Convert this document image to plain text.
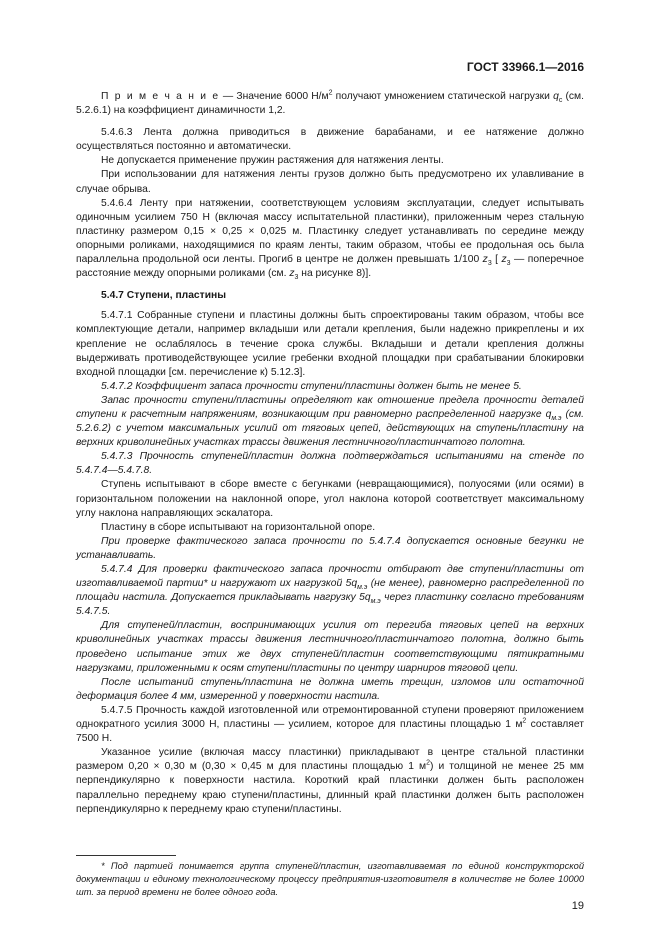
ГОСТ 33966.1—2016

П р и м е ч а н и е — Значение 6000 $Н/м^2$ получают умножением статической нагрузки $q_c$ (см. 5.2.6.1) на коэффициент динамичности 1,2.

5.4.6.3 Лента должна приводиться в движение барабанами, и ее натяжение должно осуществляться постоянно и автоматически.

Не допускается применение пружин растяжения для натяжения ленты.

При использовании для натяжения ленты грузов должно быть предусмотрено их улавливание в случае обрыва.

5.4.6.4 Ленту при натяжении, соответствующем условиям эксплуатации, следует испытывать одиночным усилием 750 Н (включая массу испытательной пластинки), приложенным через стальную пластинку размером 0,15 × 0,25 × 0,025 м. Пластинку следует устанавливать по середине между опорными роликами, находящимися по краям ленты, таким образом, чтобы ее продольная ось была параллельна продольной оси ленты. Прогиб в центре не должен превышать 1/100 $z_3$ [ $z_3$ — поперечное расстояние между опорными роликами (см. $z_3$ на рисунке 8)].

5.4.7 Ступени, пластины

5.4.7.1 Собранные ступени и пластины должны быть спроектированы таким образом, чтобы все комплектующие детали, например вкладыши или детали крепления, были надежно прикреплены и их крепление не ослаблялось в течение срока службы. Вкладыши и детали крепления должны выдерживать противодействующее усилие гребенки входной площадки при срабатывании блокировки входной площадки [см. перечисление к) 5.12.3].

5.4.7.2 Коэффициент запаса прочности ступени/пластины должен быть не менее 5.

Запас прочности ступени/пластины определяют как отношение предела прочности деталей ступени к расчетным напряжениям, возникающим при равномерно распределенной нагрузке $q_{м.э}$ (см. 5.2.6.2) с учетом максимальных усилий от тяговых цепей, действующих на ступень/пластину на верхних криволинейных участках трассы движения лестничного/пластинчатого полотна.

5.4.7.3 Прочность ступеней/пластин должна подтверждаться испытаниями на стенде по 5.4.7.4—5.4.7.8.

Ступень испытывают в сборе вместе с бегунками (невращающимися), полуосями (или осями) в горизонтальном положении на наклонной опоре, угол наклона которой соответствует максимальному углу наклона направляющих эскалатора.

Пластину в сборе испытывают на горизонтальной опоре.

При проверке фактического запаса прочности по 5.4.7.4 допускается основные бегунки не устанавливать.

5.4.7.4 Для проверки фактического запаса прочности отбирают две ступени/пластины от изготавливаемой партии* и нагружают их нагрузкой $5q_{м.э}$ (не менее), равномерно распределенной по площади настила. Допускается прикладывать нагрузку $5q_{м.э}$ через пластинку согласно требованиям 5.4.7.5.

Для ступеней/пластин, воспринимающих усилия от перегиба тяговых цепей на верхних криволинейных участках трассы движения лестничного/пластинчатого полотна, должно быть проведено испытание этих же двух ступеней/пластин соответствующими пятикратными нагрузками, приложенными к осям ступени/пластины по центру шарниров тяговой цепи.

После испытаний ступень/пластина не должна иметь трещин, изломов или остаточной деформация более 4 мм, измеренной у поверхности настила.

5.4.7.5 Прочность каждой изготовленной или отремонтированной ступени проверяют приложением однократного усилия 3000 Н, пластины — усилием, которое для пластины площадью 1 $м^2$ составляет 7500 Н.

Указанное усилие (включая массу пластинки) прикладывают в центре стальной пластинки размером 0,20 × 0,30 м (0,30 × 0,45 м для пластины площадью 1 $м^2$) и толщиной не менее 25 мм перпендикулярно к поверхности настила. Короткий край пластинки должен быть расположен параллельно переднему краю ступени/пластины, длинный край пластинки должен быть расположен перпендикулярно к переднему краю ступени/пластины.

* Под партией понимается группа ступеней/пластин, изготавливаемая по единой конструкторской документации и единому технологическому процессу предприятия-изготовителя в количестве не более 10000 шт. за период времени не более одного года.
19
